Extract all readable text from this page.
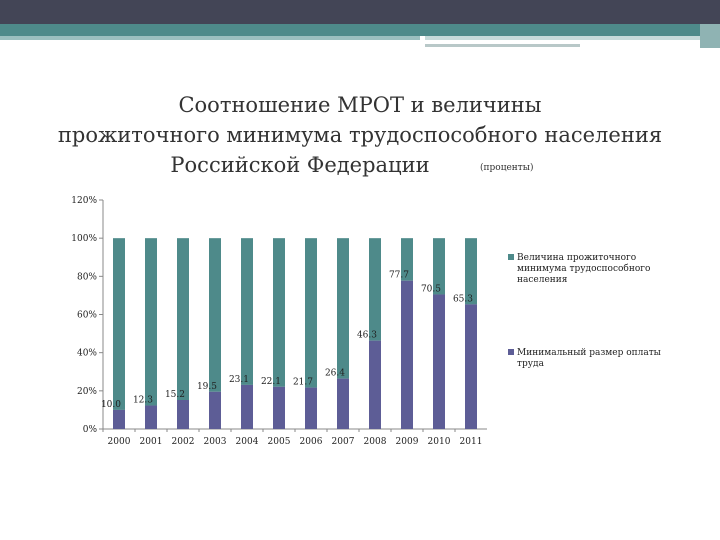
Соотношение МРОТ и величины
прожиточного минимума трудоспособного населения
Российской Федерации	(проценты)
0%
20%
40%
60%
80%
100%
120%
2000 2001 2002 2003 2004 2005 2006 2007 2008 2009 2010 2011
10.0 12.3
15.2
19.5
23.1 22.1 21.7
26.4
46.3
77.7
70.5
65.3
Величина прожиточного минимума трудоспособного населения
Минимальный размер оплаты труда
